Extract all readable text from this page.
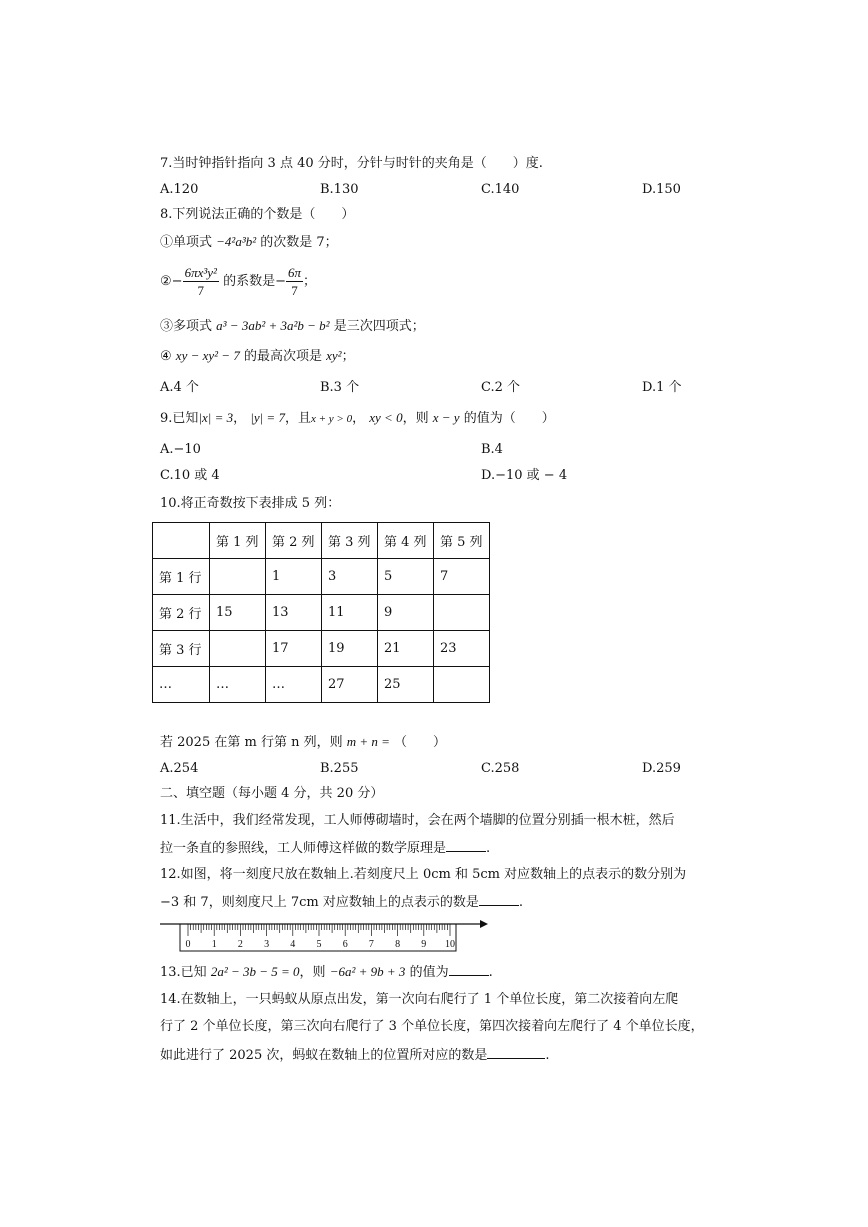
7.当时钟指针指向 3 点 40 分时，分针与时针的夹角是（　　）度.
A.120	B.130	C.140	D.150
8.下列说法正确的个数是（　　）
①单项式 −4²a³b² 的次数是 7；
②− $\frac{\text{6πx³y²}}{7}$ 的系数是− $\frac{6\pi}{7}$ ；
③多项式 a³ − 3ab² + 3a²b − b² 是三次四项式；
④ xy − xy² − 7 的最高次项是 xy²；
A.4 个	B.3 个	C.2 个	D.1 个
9.已知|x| = 3， |y| = 7，且x + y > 0， xy < 0，则 x − y 的值为（　　）
A.−10	B.4
C.10 或 4	D.−10 或 − 4
10.将正奇数按下表排成 5 列：
	第 1 列	第 2 列	第 3 列	第 4 列	第 5 列
第 1 行		1	3	5	7
第 2 行	15	13	11	9	
第 3 行		17	19	21	23
…	…	…	27	25	
若 2025 在第 m 行第 n 列，则 m + n = （　　）
A.254	B.255	C.258	D.259
二、填空题（每小题 4 分，共 20 分）
11.生活中，我们经常发现，工人师傅砌墙时，会在两个墙脚的位置分别插一根木桩，然后
拉一条直的参照线，工人师傅这样做的数学原理是	.
12.如图，将一刻度尺放在数轴上.若刻度尺上 0cm 和 5cm 对应数轴上的点表示的数分别为
−3 和 7，则刻度尺上 7cm 对应数轴上的点表示的数是	.
0 1 2 3 4 5 6 7 8 9 10
13.已知 2a² − 3b − 5 = 0，则 −6a² + 9b + 3 的值为	.
14.在数轴上，一只蚂蚁从原点出发，第一次向右爬行了 1 个单位长度，第二次接着向左爬
行了 2 个单位长度，第三次向右爬行了 3 个单位长度，第四次接着向左爬行了 4 个单位长度，
如此进行了 2025 次，蚂蚁在数轴上的位置所对应的数是	.
